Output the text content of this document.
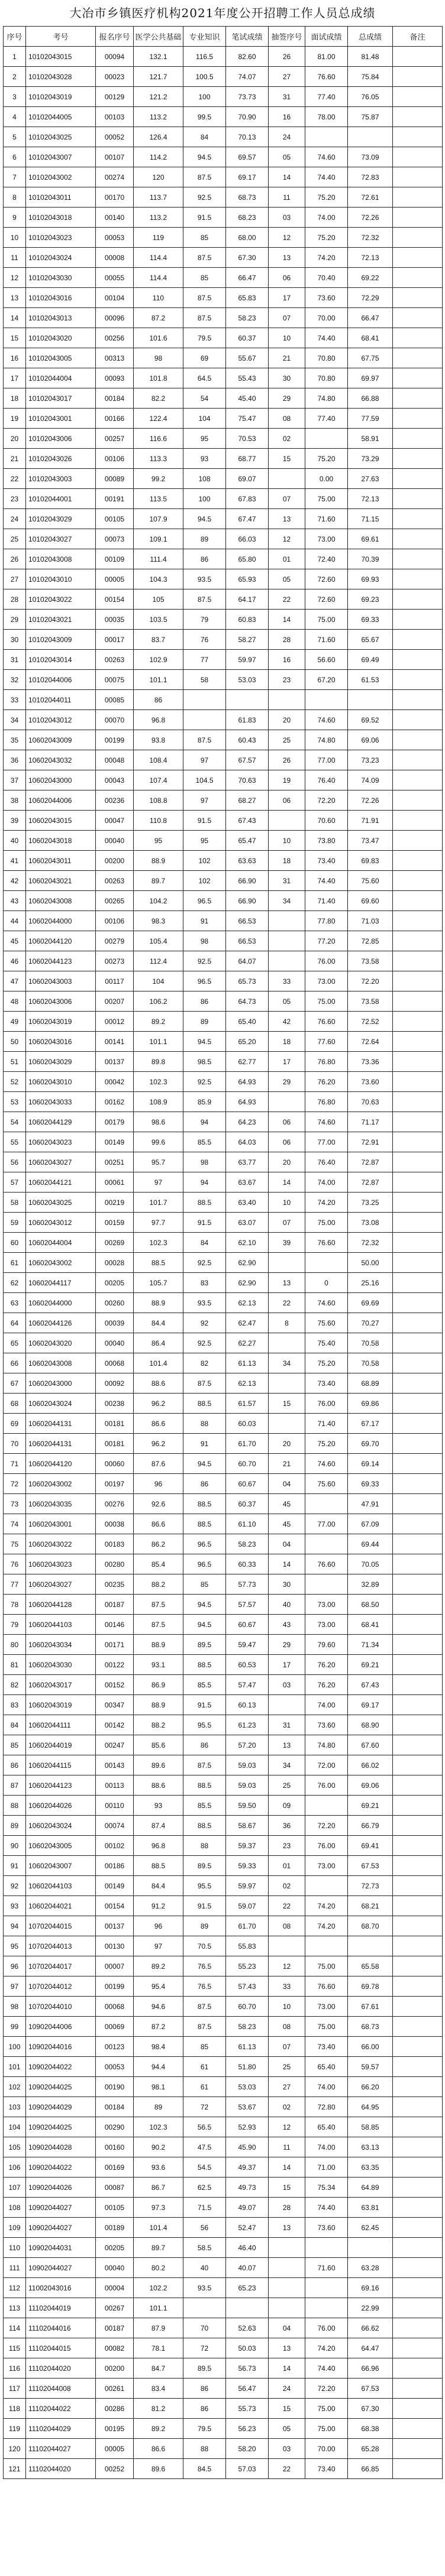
大冶市乡镇医疗机构2021年度公开招聘工作人员总成绩
序号	考号	报名序号	医学公共基础	专业知识	笔试成绩	抽签序号	面试成绩	总成绩	备注
1	10102043015	00094	132.1	116.5	82.60	26	81.00	81.48	
2	10102043028	00023	121.7	100.5	74.07	27	76.60	75.84	
3	10102043019	00129	121.2	100	73.73	31	77.40	76.05	
4	10102044005	00103	113.2	99.5	70.90	16	78.00	75.87	
5	10102043025	00052	126.4	84	70.13	24			
6	10102043007	00107	114.2	94.5	69.57	05	74.60	73.09	
7	10102043002	00274	120	87.5	69.17	14	74.40	72.83	
8	10102043011	00170	113.7	92.5	68.73	11	75.20	72.61	
9	10102043018	00140	113.2	91.5	68.23	03	74.00	72.26	
10	10102043023	00053	119	85	68.00	12	75.20	72.32	
11	10102043024	00008	114.4	87.5	67.30	13	74.20	72.13	
12	10102043030	00055	114.4	85	66.47	06	70.40	69.22	
13	10102043016	00104	110	87.5	65.83	17	73.60	72.29	
14	10102043013	00096	87.2	87.5	58.23	07	70.00	66.47	
15	10102043020	00256	101.6	79.5	60.37	10	74.40	68.41	
16	10102043005	00313	98	69	55.67	21	70.80	67.75	
17	10102044004	00093	101.8	64.5	55.43	30	70.80	69.97	
18	10102043017	00184	82.2	54	45.40	29	74.80	66.88	
19	10102043001	00166	122.4	104	75.47	08	77.40	77.59	
20	10102043006	00257	116.6	95	70.53	02		58.91	
21	10102043026	00106	113.3	93	68.77	15	75.20	73.29	
22	10102043003	00089	99.2	108	69.07		0.00	27.63	
23	10102044001	00191	113.5	100	67.83	07	75.00	72.13	
24	10102043029	00105	107.9	94.5	67.47	13	71.60	71.15	
25	10102043027	00073	109.1	89	66.03	12	73.00	69.61	
26	10102043008	00109	111.4	86	65.80	01	72.40	70.39	
27	10102043010	00005	104.3	93.5	65.93	05	72.60	69.93	
28	10102043022	00154	105	87.5	64.17	22	72.60	69.23	
29	10102043021	00035	103.5	79	60.83	14	75.00	69.33	
30	10102043009	00017	83.7	76	58.27	28	71.60	65.67	
31	10102043014	00263	102.9	77	59.97	16	56.60	69.49	
32	10102044006	00075	101.1	58	53.03	23	67.20	61.53	
33	10102044011	00085	86						
34	10102043012	00070	96.8		61.83	20	74.60	69.52	
35	10602043009	00199	93.8	87.5	60.43	25	74.80	69.06	
36	10602043032	00048	108.4	97	67.57	26	77.00	73.23	
37	10602043000	00043	107.4	104.5	70.63	19	76.40	74.09	
38	10602044006	00236	108.8	97	68.27	06	72.20	72.26	
39	10602043015	00047	110.8	91.5	67.43		70.60	71.91	
40	10602043018	00040	95	95	65.47	10	73.80	73.47	
41	10602043011	00200	88.9	102	63.63	18	73.40	69.83	
42	10602043021	00263	89.7	102	66.90	31	74.40	75.60	
43	10602043008	00265	104.2	96.5	66.90	34	71.40	69.60	
44	10602044000	00106	98.3	91	66.53		77.80	71.03	
45	10602044120	00279	105.4	98	66.53		77.20	72.85	
46	10602044123	00273	112.4	92.5	64.07		76.00	73.58	
47	10602043003	00117	104	96.5	65.73	33	73.00	72.20	
48	10602043006	00207	106.2	86	64.73	05	75.00	73.58	
49	10602043019	00012	89.2	89	65.40	42	76.60	72.52	
50	10602043016	00141	101.1	94.5	65.20	18	77.60	72.64	
51	10602043029	00137	89.8	98.5	62.77	17	76.80	73.36	
52	10602043010	00042	102.3	92.5	64.93	29	76.20	73.60	
53	10602043033	00162	108.9	85.9	64.93		76.80	70.63	
54	10602044129	00179	98.6	94	64.23	06	74.60	71.17	
55	10602043023	00149	99.6	85.5	64.03	06	77.00	72.91	
56	10602043027	00251	95.7	98	63.77	20	76.40	72.87	
57	10602044121	00061	97	94	63.67	14	74.00	72.87	
58	10602043025	00219	101.7	88.5	63.40	10	74.20	73.25	
59	10602043012	00159	97.7	91.5	63.07	07	75.00	73.08	
60	10602044004	00269	102.3	84	62.10	39	76.60	72.32	
61	10602043002	00028	88.5	92.5	62.90			50.00	
62	10602044117	00205	105.7	83	62.90	13	0	25.16	
63	10602044000	00260	88.9	93.5	62.13	22	74.60	69.69	
64	10602044126	00039	84.4	92	62.47	8	75.60	70.27	
65	10602043020	00040	86.4	92.5	62.27		75.40	70.58	
66	10602043008	00068	101.4	82	61.13	34	75.20	70.58	
67	10602043000	00092	88.6	87.5	62.13		73.40	68.89	
68	10602043024	00238	96.2	88.5	61.57	15	76.00	69.86	
69	10602044131	00181	86.6	88	60.03		71.40	67.17	
70	10602044131	00181	96.2	91	61.70	20	75.20	69.70	
71	10602044120	00060	87.6	94.5	60.70	21	74.60	69.14	
72	10602043002	00197	96	86	60.67	04	75.60	69.33	
73	10602043035	00276	92.6	88.5	60.37	45		47.91	
74	10602043001	00038	86.6	88.5	61.10	45	77.00	67.09	
75	10602043022	00183	86.2	96.5	58.23	04		69.44	
76	10602043023	00280	85.4	96.5	60.33	14	76.60	70.05	
77	10602043027	00235	88.2	85	57.73	30		32.89	
78	10602044128	00187	87.5	94.5	57.57	40	73.00	68.50	
79	10602044103	00146	87.5	94.5	60.67	43	73.00	68.41	
80	10602043034	00171	88.9	89.5	59.47	29	79.60	71.34	
81	10602043030	00122	93.1	88.5	60.53	17	76.20	69.21	
82	10602043017	00152	86.9	85.5	57.47	03	76.20	67.43	
83	10602043019	00347	88.9	91.5	60.13		74.00	69.17	
84	10602044111	00142	88.2	95.5	61.23	31	73.60	68.90	
85	10602044019	00247	85.6	86	57.20	13	74.80	67.60	
86	10602044115	00143	89.6	87.5	59.03	34	72.00	66.02	
87	10602044123	00113	88.6	88.5	59.03	25	76.00	69.06	
88	10602044026	00110	93	85.5	59.50	09		69.21	
89	10602043024	00074	87.4	88.5	58.67	36	72.20	66.79	
90	10602043005	00102	96.8	88	59.37	23	76.00	69.41	
91	10602043007	00186	88.5	89.5	59.33	01	73.00	67.53	
92	10602044103	00149	84.4	95.5	59.97	02		72.73	
93	10602044021	00154	91.2	91.5	59.07	22	74.20	68.21	
94	10702044015	00137	96	89	61.70	08	74.20	68.70	
95	10702044013	00130	97	70.5	55.83				
96	10702044017	00007	89.2	76.5	55.23	12	75.00	65.58	
97	10702044012	00199	95.4	76.5	57.43	33	76.60	69.78	
98	10702044010	00068	94.6	87.5	60.70	10	73.00	67.61	
99	10902044006	00069	87.2	87.5	58.23	08	75.00	68.73	
100	10902044016	00123	98.4	85	61.13	07	73.40	66.00	
101	10902044022	00053	94.4	61	51.80	25	65.40	59.57	
102	10902044025	00190	98.1	61	53.03	27	74.00	66.20	
103	10902044029	00184	89	72	53.67	02	72.80	64.95	
104	10902044025	00290	102.3	56.5	52.93	12	65.40	58.85	
105	10902044028	00160	90.2	47.5	45.90	11	74.00	63.13	
106	10902044022	00169	93.6	54.5	49.37	14	71.00	63.35	
107	10902044026	00087	86.7	62.5	49.73	15	75.34	64.89	
108	10902044027	00105	97.3	71.5	49.07	28	74.40	63.81	
109	10902044027	00189	101.4	56	52.47	13	73.60	62.45	
110	10902044031	00205	89.7	58.5	46.40				
111	10902044027	00040	80.2	40	40.07		71.60	63.28	
112	11002043016	00004	102.2	93.5	65.23			69.16	
113	11102044019	00267	101.1					22.99	
114	11102044016	00187	87.9	70	52.63	04	76.00	66.62	
115	11102044015	00082	78.1	72	50.03	13	74.20	64.47	
116	11102044020	00200	84.7	89.5	56.73	14	74.40	66.96	
117	11102044008	00261	83.4	86	56.47	24	72.20	67.53	
118	11102044022	00286	81.2	86	55.73	15	75.00	67.30	
119	11102044029	00195	89.2	79.5	56.23	05	75.00	68.38	
120	11102044027	00005	86.6	88	58.20	03	70.00	65.28	
121	11102044020	00252	89.6	84.5	57.03	22	73.40	66.85	
